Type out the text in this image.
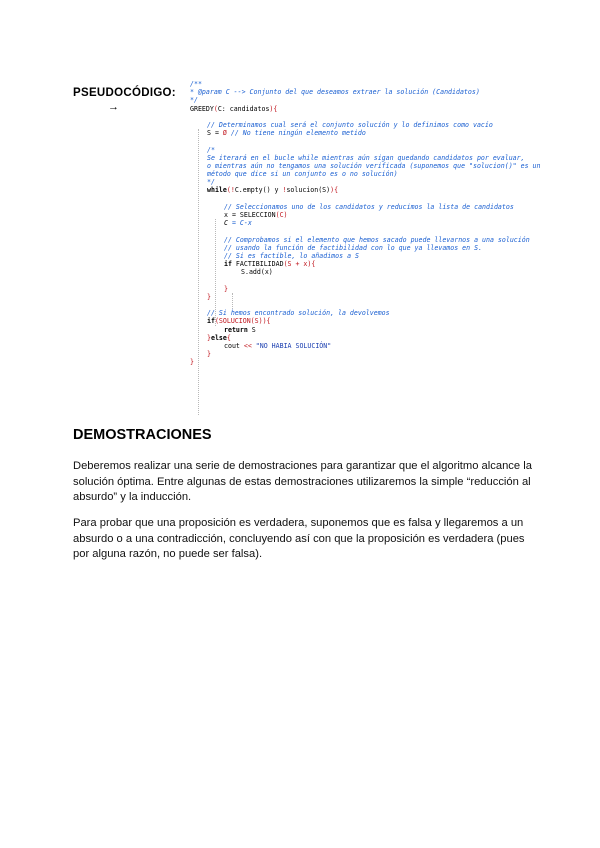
PSEUDOCÓDIGO:
→
/**
* @param C --> Conjunto del que deseamos extraer la solución (Candidatos)
*/
GREEDY(C: candidatos){
// Determinamos cual será el conjunto solución y lo definimos como vacío
S = Ø // No tiene ningún elemento metido
/*
Se iterará en el bucle while mientras aún sigan quedando candidatos por evaluar,
o mientras aún no tengamos una solución verificada (suponemos que "solucion()" es un
método que dice si un conjunto es o no solución)
*/
while(!C.empty() y !solucion(S)){
// Seleccionamos uno de los candidatos y reducimos la lista de candidatos
x = SELECCION(C)
C = C-x
// Comprobamos si el elemento que hemos sacado puede llevarnos a una solución
// usando la función de factibilidad con lo que ya llevamos en S.
// Si es factible, lo añadimos a S
if FACTIBILIDAD(S + x){
S.add(x)
}
}
// Si hemos encontrado solución, la devolvemos
if(SOLUCION(S)){
return S
}else{
cout << "NO HABIA SOLUCIÓN"
}
}
DEMOSTRACIONES
Deberemos realizar una serie de demostraciones para garantizar que el algoritmo alcance la solución óptima. Entre algunas de estas demostraciones utilizaremos la simple “reducción al absurdo” y la inducción.
Para probar que una proposición es verdadera, suponemos que es falsa y llegaremos a un absurdo o a una contradicción, concluyendo así con que la proposición es verdadera (pues por alguna razón, no puede ser falsa).
